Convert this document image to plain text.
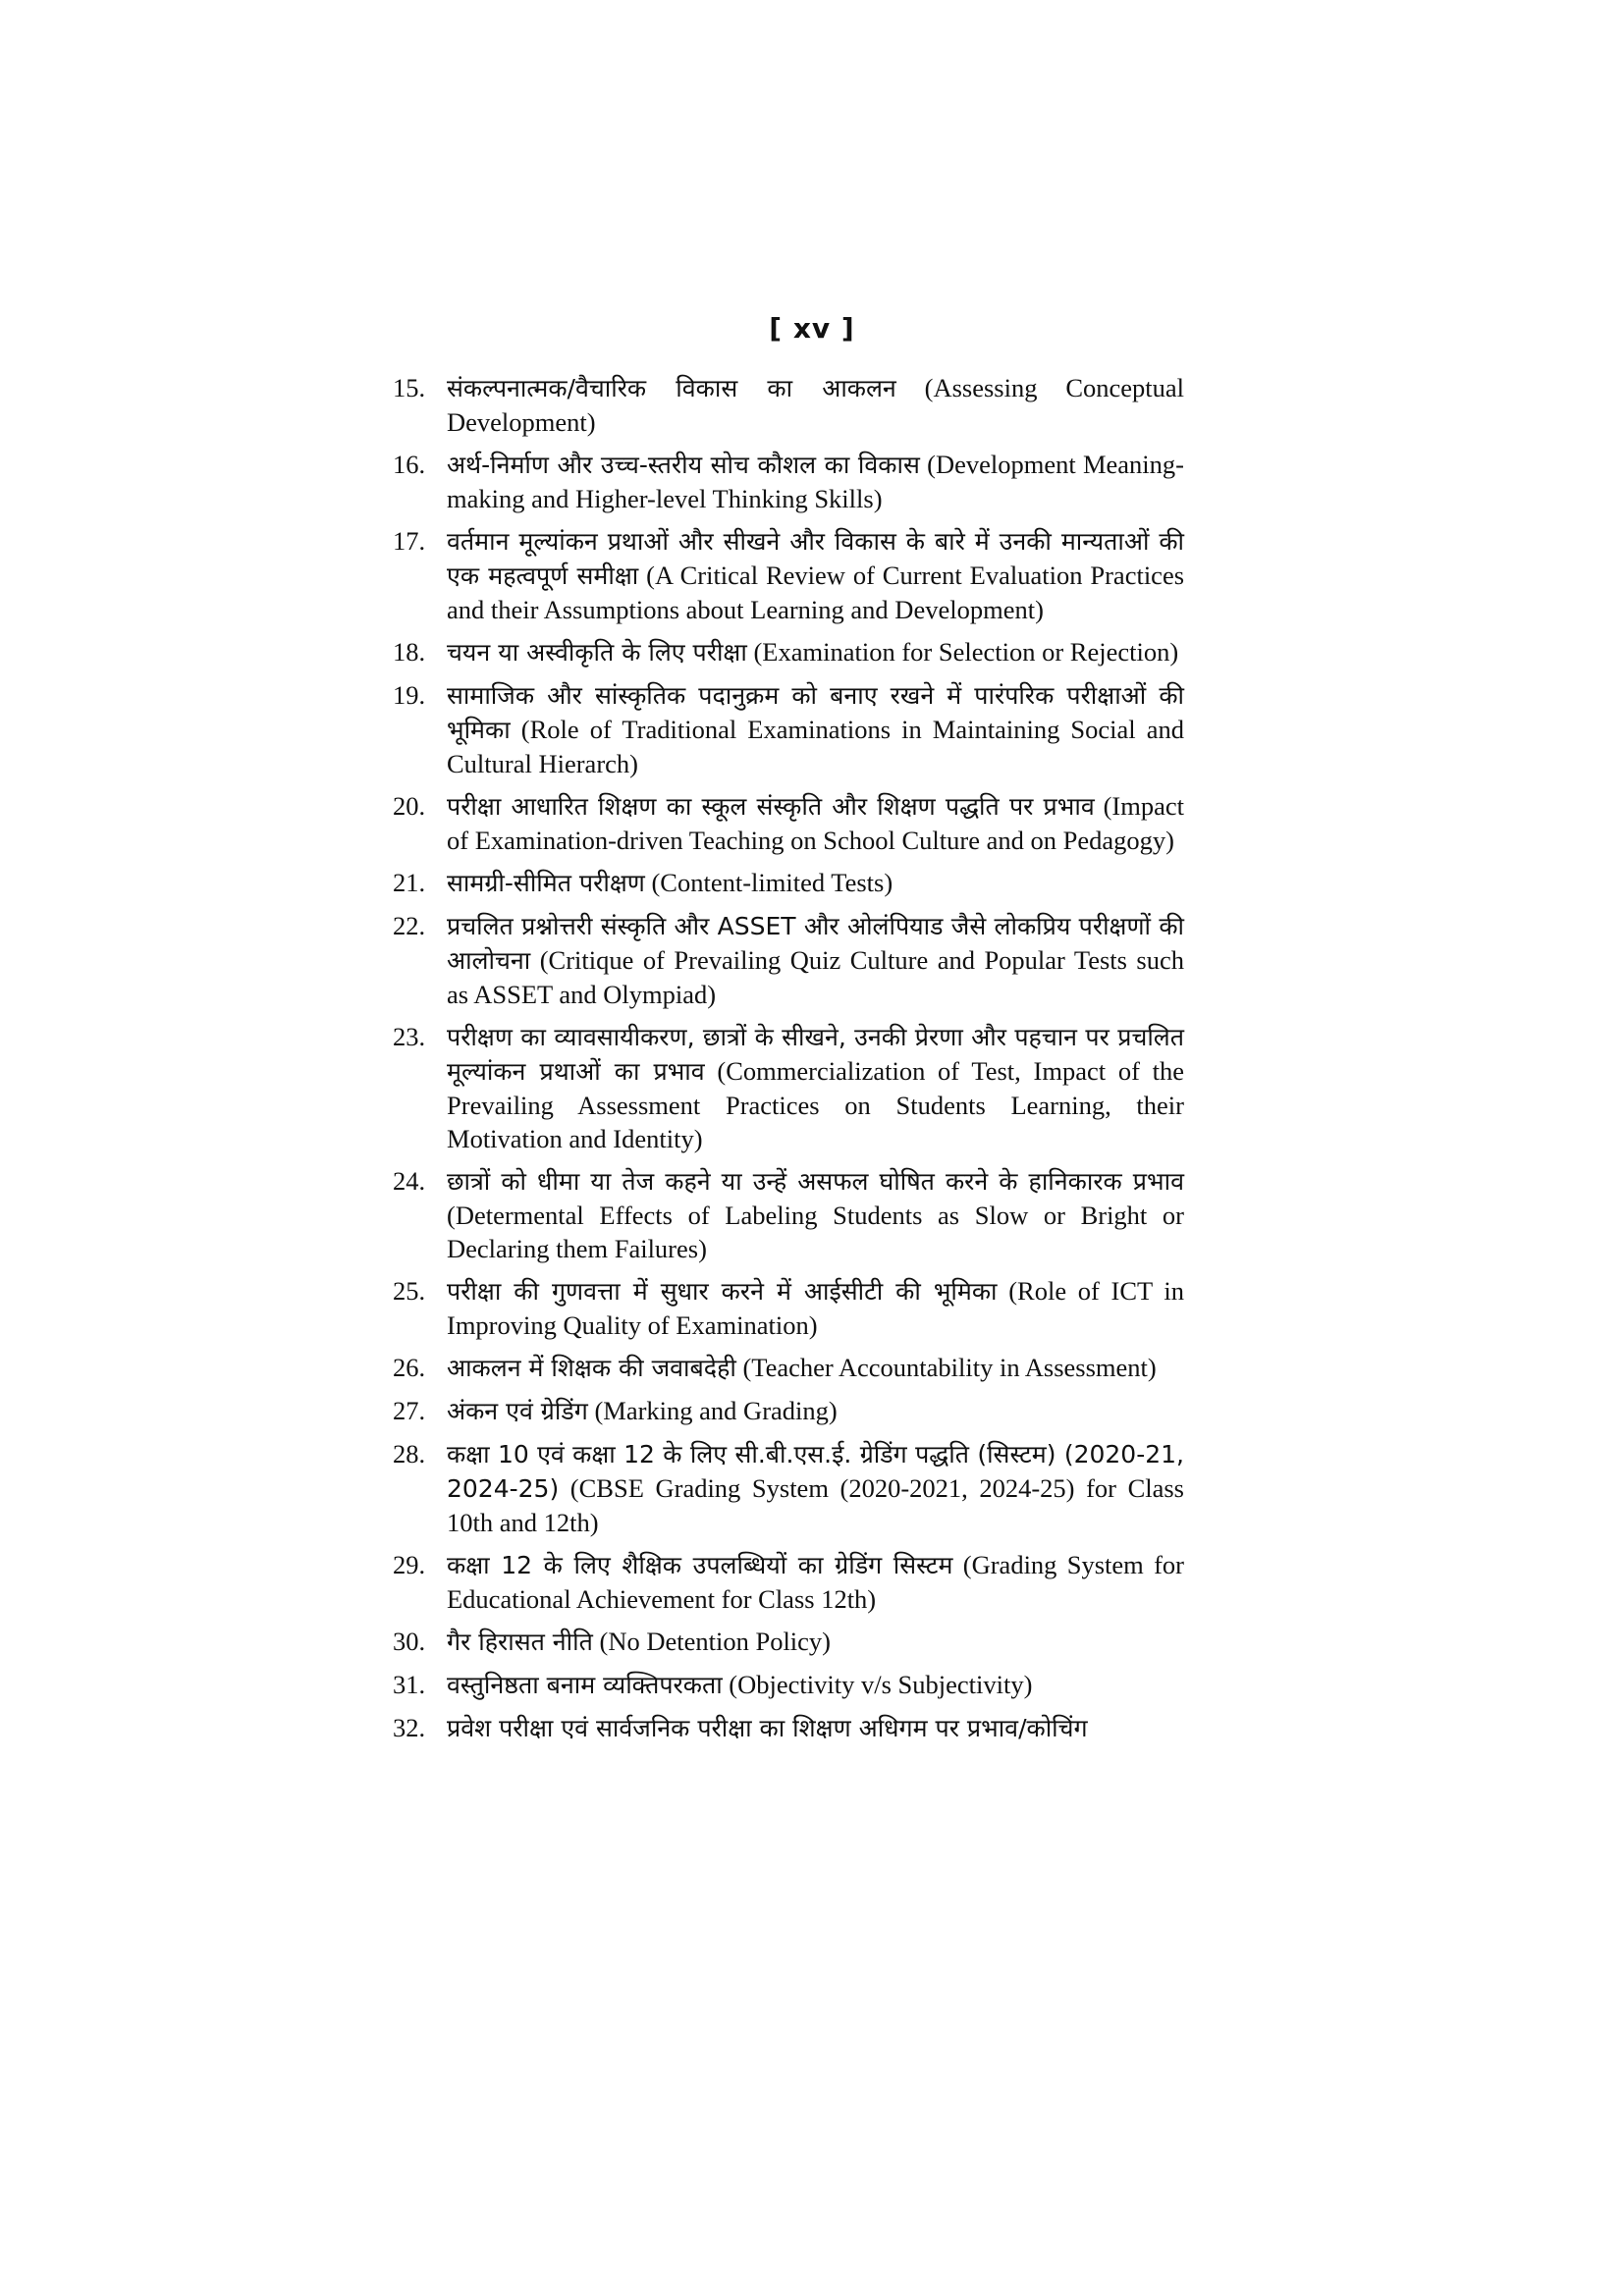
[ xv ]
15. संकल्पनात्मक/वैचारिक विकास का आकलन (Assessing Conceptual Development)
16. अर्थ-निर्माण और उच्च-स्तरीय सोच कौशल का विकास (Development Meaning-making and Higher-level Thinking Skills)
17. वर्तमान मूल्यांकन प्रथाओं और सीखने और विकास के बारे में उनकी मान्यताओं की एक महत्वपूर्ण समीक्षा (A Critical Review of Current Evaluation Practices and their Assumptions about Learning and Development)
18. चयन या अस्वीकृति के लिए परीक्षा (Examination for Selection or Rejection)
19. सामाजिक और सांस्कृतिक पदानुक्रम को बनाए रखने में पारंपरिक परीक्षाओं की भूमिका (Role of Traditional Examinations in Maintaining Social and Cultural Hierarch)
20. परीक्षा आधारित शिक्षण का स्कूल संस्कृति और शिक्षण पद्धति पर प्रभाव (Impact of Examination-driven Teaching on School Culture and on Pedagogy)
21. सामग्री-सीमित परीक्षण (Content-limited Tests)
22. प्रचलित प्रश्नोत्तरी संस्कृति और ASSET और ओलंपियाड जैसे लोकप्रिय परीक्षणों की आलोचना (Critique of Prevailing Quiz Culture and Popular Tests such as ASSET and Olympiad)
23. परीक्षण का व्यावसायीकरण, छात्रों के सीखने, उनकी प्रेरणा और पहचान पर प्रचलित मूल्यांकन प्रथाओं का प्रभाव (Commercialization of Test, Impact of the Prevailing Assessment Practices on Students Learning, their Motivation and Identity)
24. छात्रों को धीमा या तेज कहने या उन्हें असफल घोषित करने के हानिकारक प्रभाव (Determental Effects of Labeling Students as Slow or Bright or Declaring them Failures)
25. परीक्षा की गुणवत्ता में सुधार करने में आईसीटी की भूमिका (Role of ICT in Improving Quality of Examination)
26. आकलन में शिक्षक की जवाबदेही (Teacher Accountability in Assessment)
27. अंकन एवं ग्रेडिंग (Marking and Grading)
28. कक्षा 10 एवं कक्षा 12 के लिए सी.बी.एस.ई. ग्रेडिंग पद्धति (सिस्टम) (2020-21, 2024-25) (CBSE Grading System (2020-2021, 2024-25) for Class 10th and 12th)
29. कक्षा 12 के लिए शैक्षिक उपलब्धियों का ग्रेडिंग सिस्टम (Grading System for Educational Achievement for Class 12th)
30. गैर हिरासत नीति (No Detention Policy)
31. वस्तुनिष्ठता बनाम व्यक्तिपरकता (Objectivity v/s Subjectivity)
32. प्रवेश परीक्षा एवं सार्वजनिक परीक्षा का शिक्षण अधिगम पर प्रभाव/कोचिंग
